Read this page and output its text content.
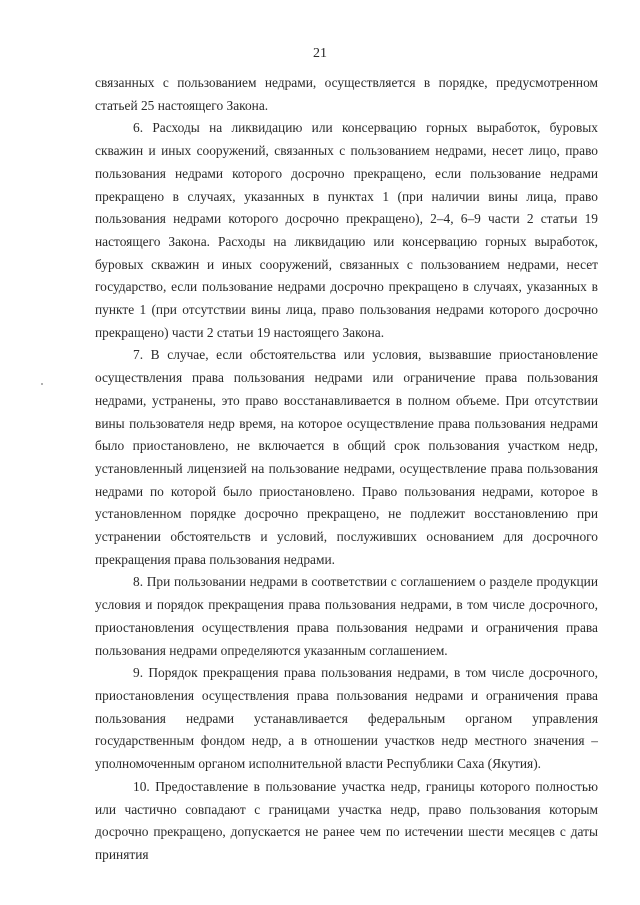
21

связанных с пользованием недрами, осуществляется в порядке, предусмотренном статьей 25 настоящего Закона.

6. Расходы на ликвидацию или консервацию горных выработок, буровых скважин и иных сооружений, связанных с пользованием недрами, несет лицо, право пользования недрами которого досрочно прекращено, если пользование недрами прекращено в случаях, указанных в пунктах 1 (при наличии вины лица, право пользования недрами которого досрочно прекращено), 2–4, 6–9 части 2 статьи 19 настоящего Закона. Расходы на ликвидацию или консервацию горных выработок, буровых скважин и иных сооружений, связанных с пользованием недрами, несет государство, если пользование недрами досрочно прекращено в случаях, указанных в пункте 1 (при отсутствии вины лица, право пользования недрами которого досрочно прекращено) части 2 статьи 19 настоящего Закона.

7. В случае, если обстоятельства или условия, вызвавшие приостановление осуществления права пользования недрами или ограничение права пользования недрами, устранены, это право восстанавливается в полном объеме. При отсутствии вины пользователя недр время, на которое осуществление права пользования недрами было приостановлено, не включается в общий срок пользования участком недр, установленный лицензией на пользование недрами, осуществление права пользования недрами по которой было приостановлено. Право пользования недрами, которое в установленном порядке досрочно прекращено, не подлежит восстановлению при устранении обстоятельств и условий, послуживших основанием для досрочного прекращения права пользования недрами.

8. При пользовании недрами в соответствии с соглашением о разделе продукции условия и порядок прекращения права пользования недрами, в том числе досрочного, приостановления осуществления права пользования недрами и ограничения права пользования недрами определяются указанным соглашением.

9. Порядок прекращения права пользования недрами, в том числе досрочного, приостановления осуществления права пользования недрами и ограничения права пользования недрами устанавливается федеральным органом управления государственным фондом недр, а в отношении участков недр местного значения – уполномоченным органом исполнительной власти Республики Саха (Якутия).

10. Предоставление в пользование участка недр, границы которого полностью или частично совпадают с границами участка недр, право пользования которым досрочно прекращено, допускается не ранее чем по истечении шести месяцев с даты принятия
